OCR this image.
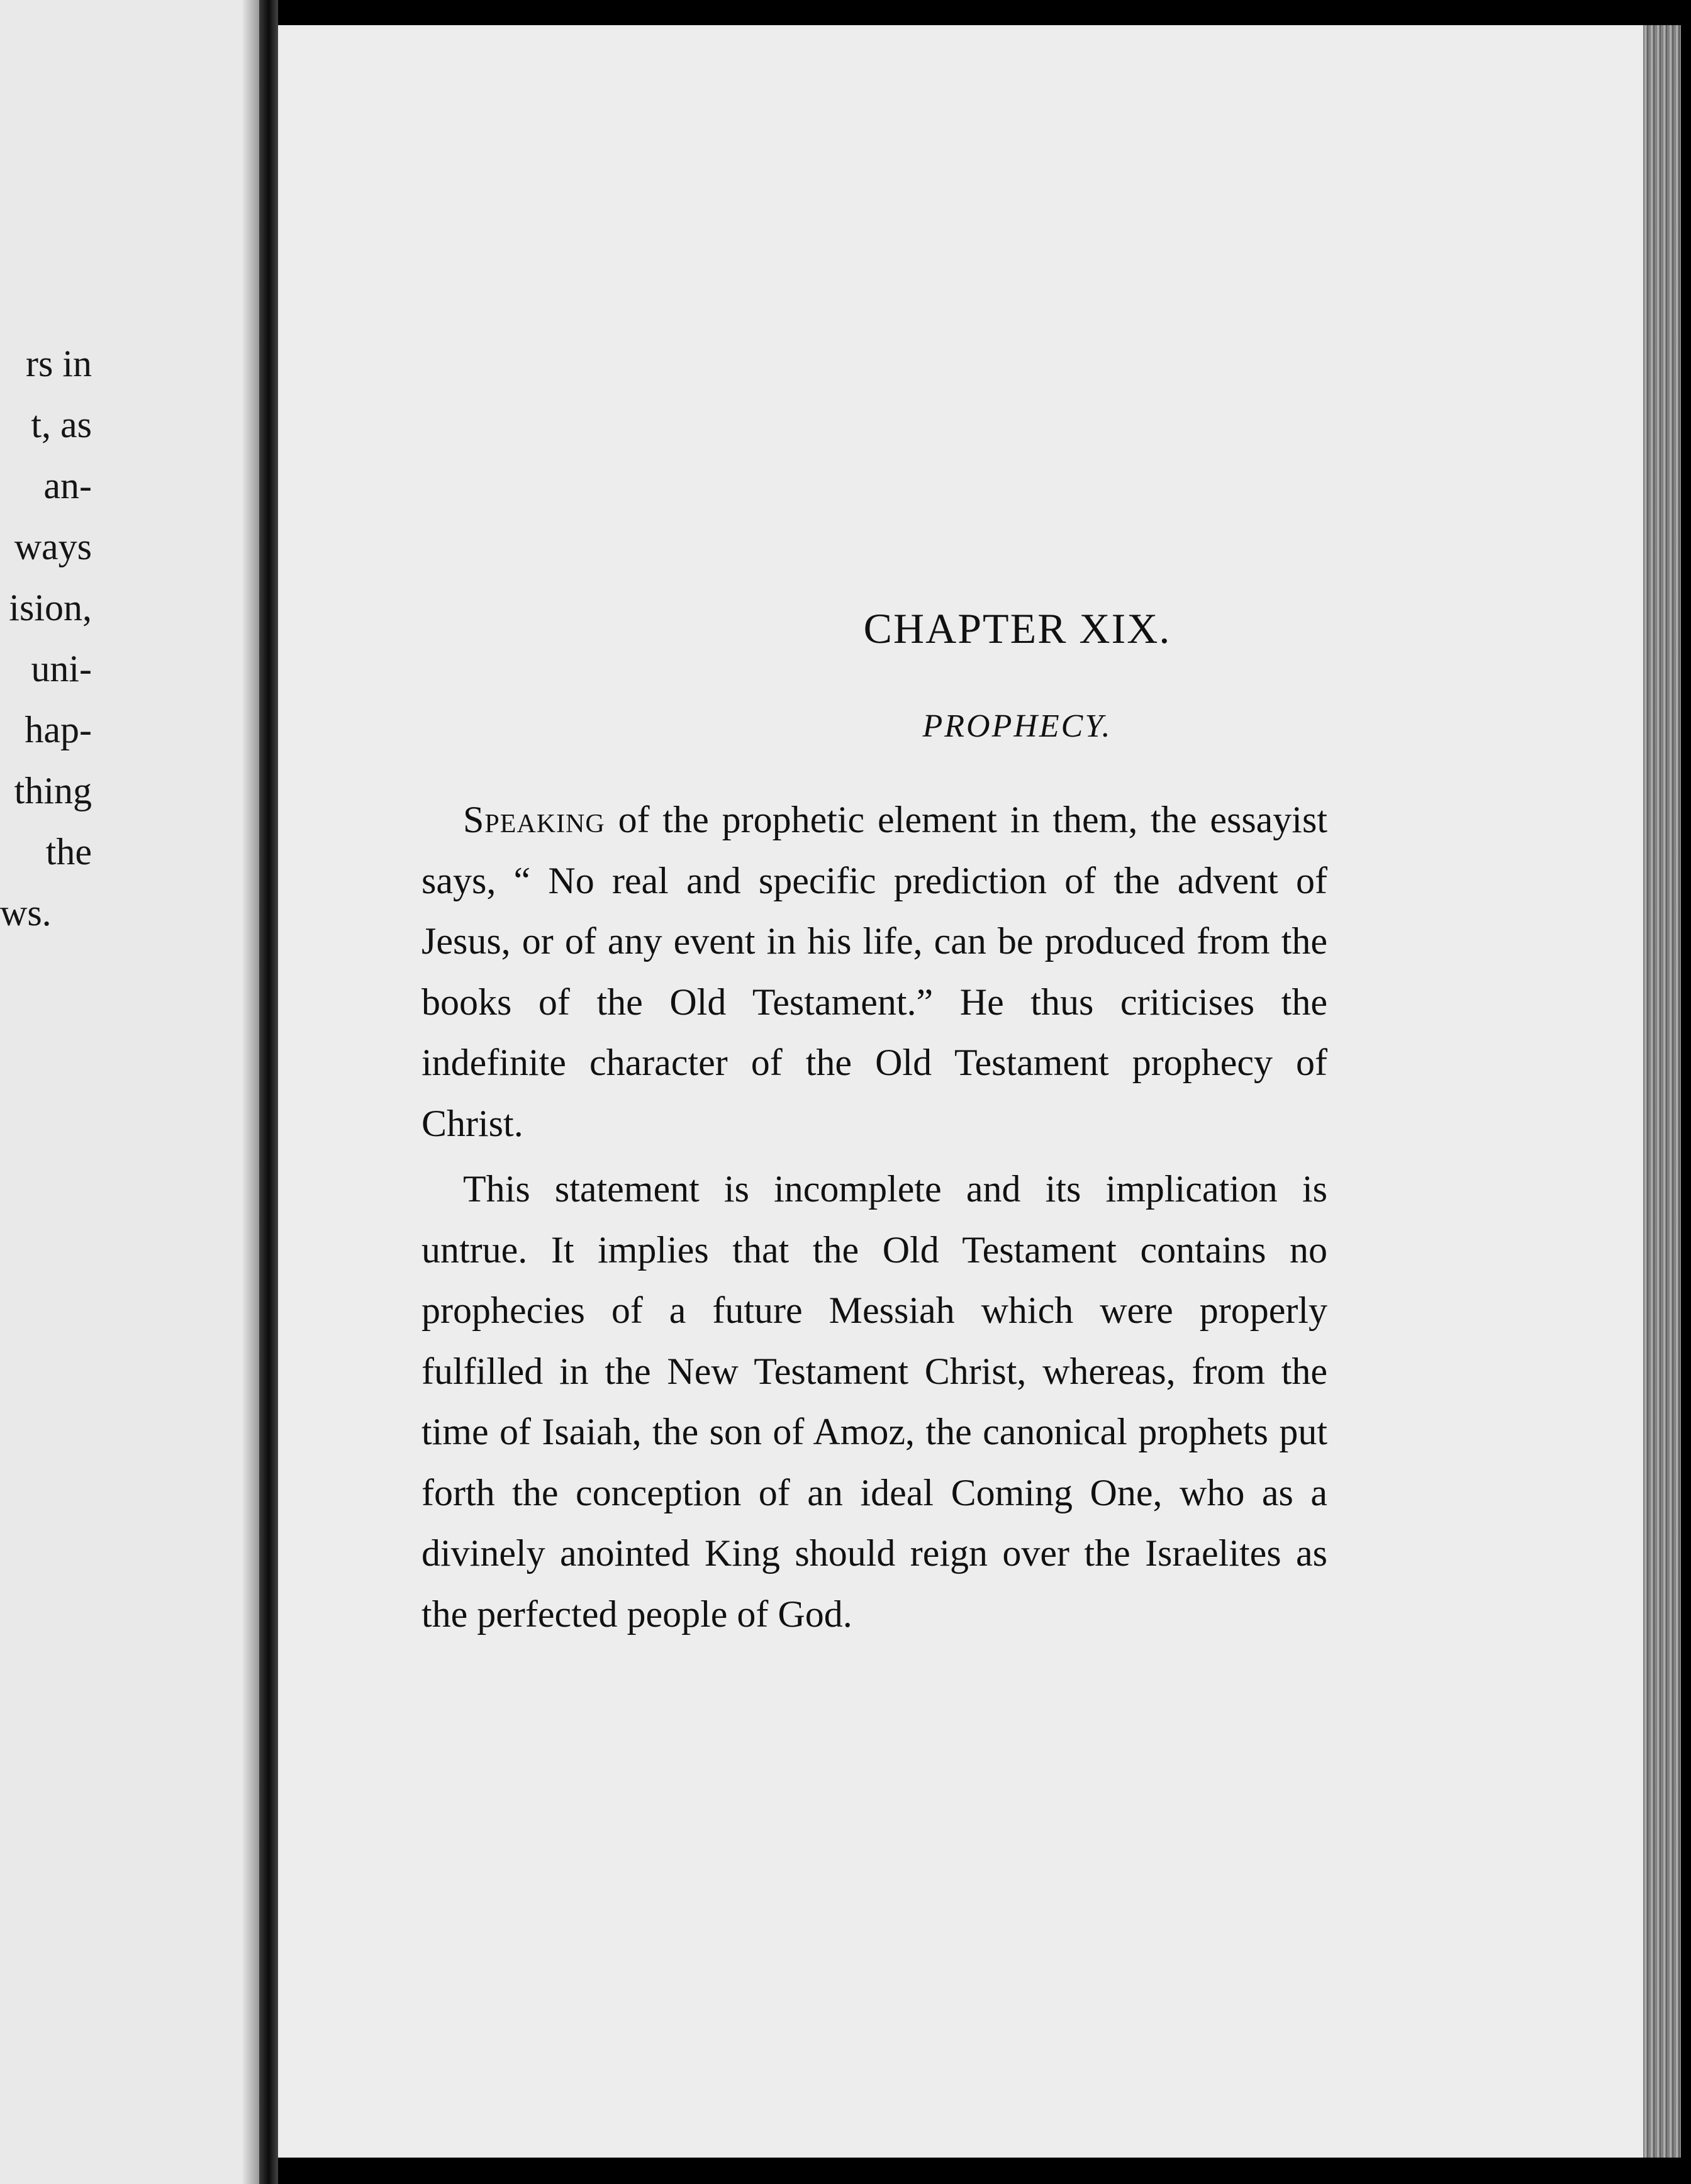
rs in
t, as
an-
ways
ision,
uni-
hap-
thing
the
ws.
CHAPTER XIX.
PROPHECY.

Speaking of the prophetic element in them, the essayist says, “ No real and specific prediction of the advent of Jesus, or of any event in his life, can be produced from the books of the Old Testament.” He thus criticises the indefinite character of the Old Testament prophecy of Christ.

This statement is incomplete and its implication is untrue. It implies that the Old Testament contains no prophecies of a future Messiah which were properly fulfilled in the New Testament Christ, whereas, from the time of Isaiah, the son of Amoz, the canonical prophets put forth the conception of an ideal Coming One, who as a divinely anointed King should reign over the Israelites as the perfected people of God.
